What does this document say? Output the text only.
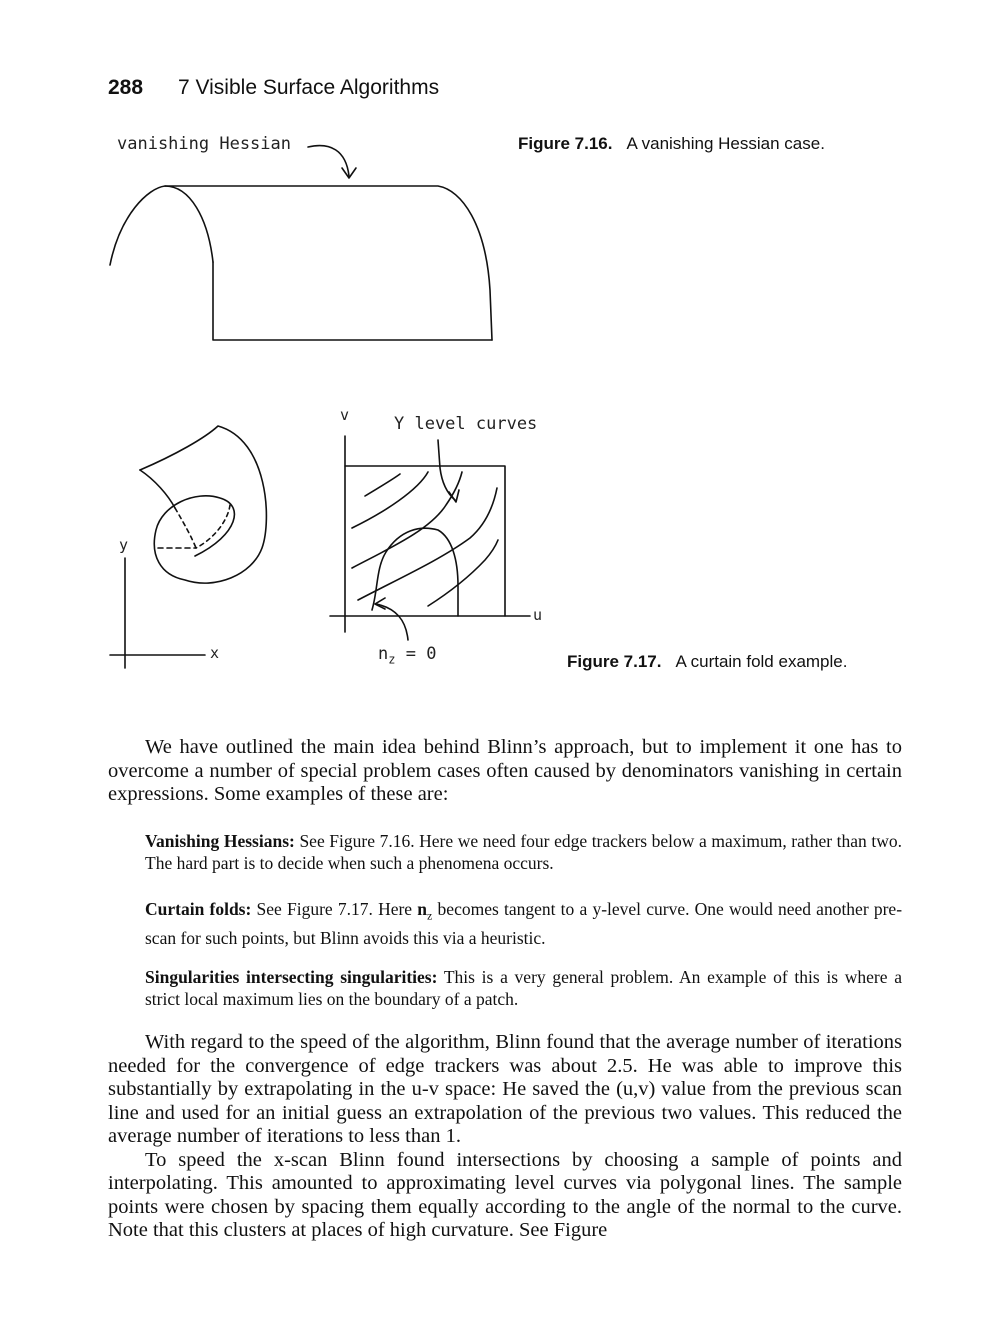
288 7 Visible Surface Algorithms
vanishing Hessian	Figure 7.16. A vanishing Hessian case.
y
x
v
u
Y level curves
$n_z = 0$	Figure 7.17. A curtain fold example.

We have outlined the main idea behind Blinn’s approach, but to implement it one has to overcome a number of special problem cases often caused by denominators vanishing in certain expressions. Some examples of these are:

Vanishing Hessians: See Figure 7.16. Here we need four edge trackers below a maximum, rather than two. The hard part is to decide when such a phenomena occurs.
Curtain folds: See Figure 7.17. Here $n_z$ becomes tangent to a y-level curve. One would need another pre-scan for such points, but Blinn avoids this via a heuristic.
Singularities intersecting singularities: This is a very general problem. An example of this is where a strict local maximum lies on the boundary of a patch.

With regard to the speed of the algorithm, Blinn found that the average number of iterations needed for the convergence of edge trackers was about 2.5. He was able to improve this substantially by extrapolating in the u-v space: He saved the (u,v) value from the previous scan line and used for an initial guess an extrapolation of the previous two values. This reduced the average number of iterations to less than 1.

To speed the x-scan Blinn found intersections by choosing a sample of points and interpolating. This amounted to approximating level curves via polygonal lines. The sample points were chosen by spacing them equally according to the angle of the normal to the curve. Note that this clusters at places of high curvature. See Figure
